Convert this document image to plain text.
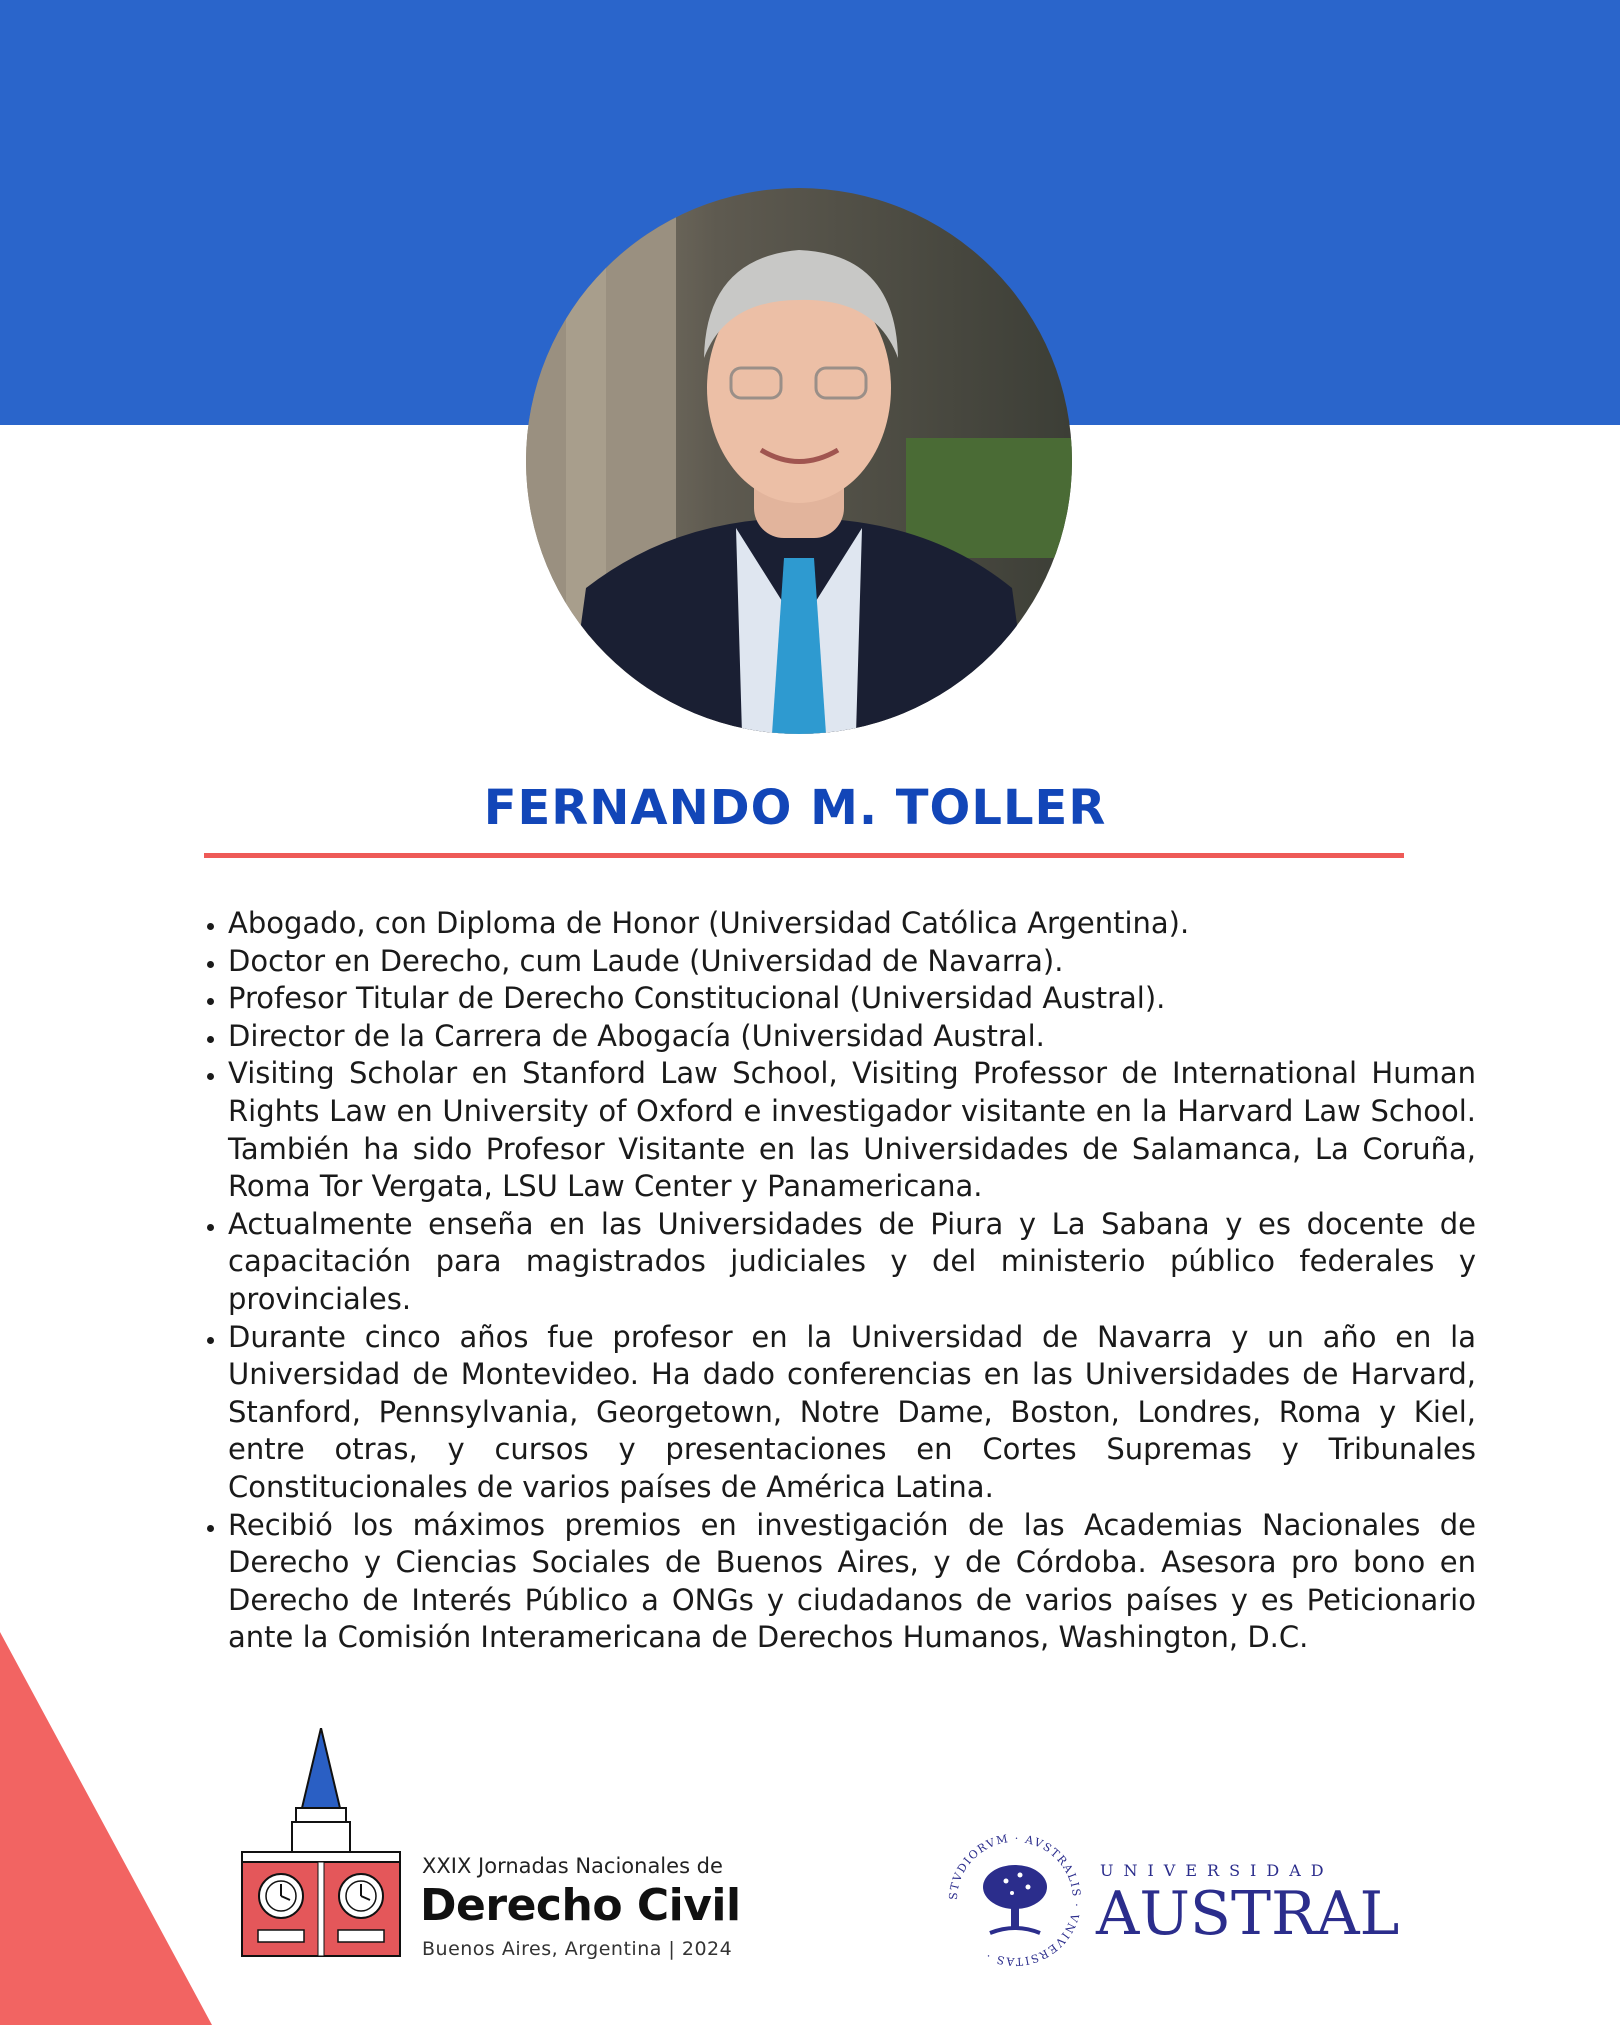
FERNANDO M. TOLLER
• Abogado, con Diploma de Honor (Universidad Católica Argentina).
• Doctor en Derecho, cum Laude (Universidad de Navarra).
• Profesor Titular de Derecho Constitucional (Universidad Austral).
• Director de la Carrera de Abogacía (Universidad Austral.
• Visiting Scholar en Stanford Law School, Visiting Professor de International Human Rights Law en University of Oxford e investigador visitante en la Harvard Law School. También ha sido Profesor Visitante en las Universidades de Salamanca, La Coruña, Roma Tor Vergata, LSU Law Center y Panamericana.
• Actualmente enseña en las Universidades de Piura y La Sabana y es docente de capacitación para magistrados judiciales y del ministerio público federales y provinciales.
• Durante cinco años fue profesor en la Universidad de Navarra y un año en la Universidad de Montevideo. Ha dado conferencias en las Universidades de Harvard, Stanford, Pennsylvania, Georgetown, Notre Dame, Boston, Londres, Roma y Kiel, entre otras, y cursos y presentaciones en Cortes Supremas y Tribunales Constitucionales de varios países de América Latina.
• Recibió los máximos premios en investigación de las Academias Nacionales de Derecho y Ciencias Sociales de Buenos Aires, y de Córdoba. Asesora pro bono en Derecho de Interés Público a ONGs y ciudadanos de varios países y es Peticionario ante la Comisión Interamericana de Derechos Humanos, Washington, D.C.
XXIX Jornadas Nacionales de
Derecho Civil
Buenos Aires, Argentina | 2024
STVDIORVM · AVSTRALIS · VNIVERSITAS ·
UNIVERSIDAD
AUSTRAL
